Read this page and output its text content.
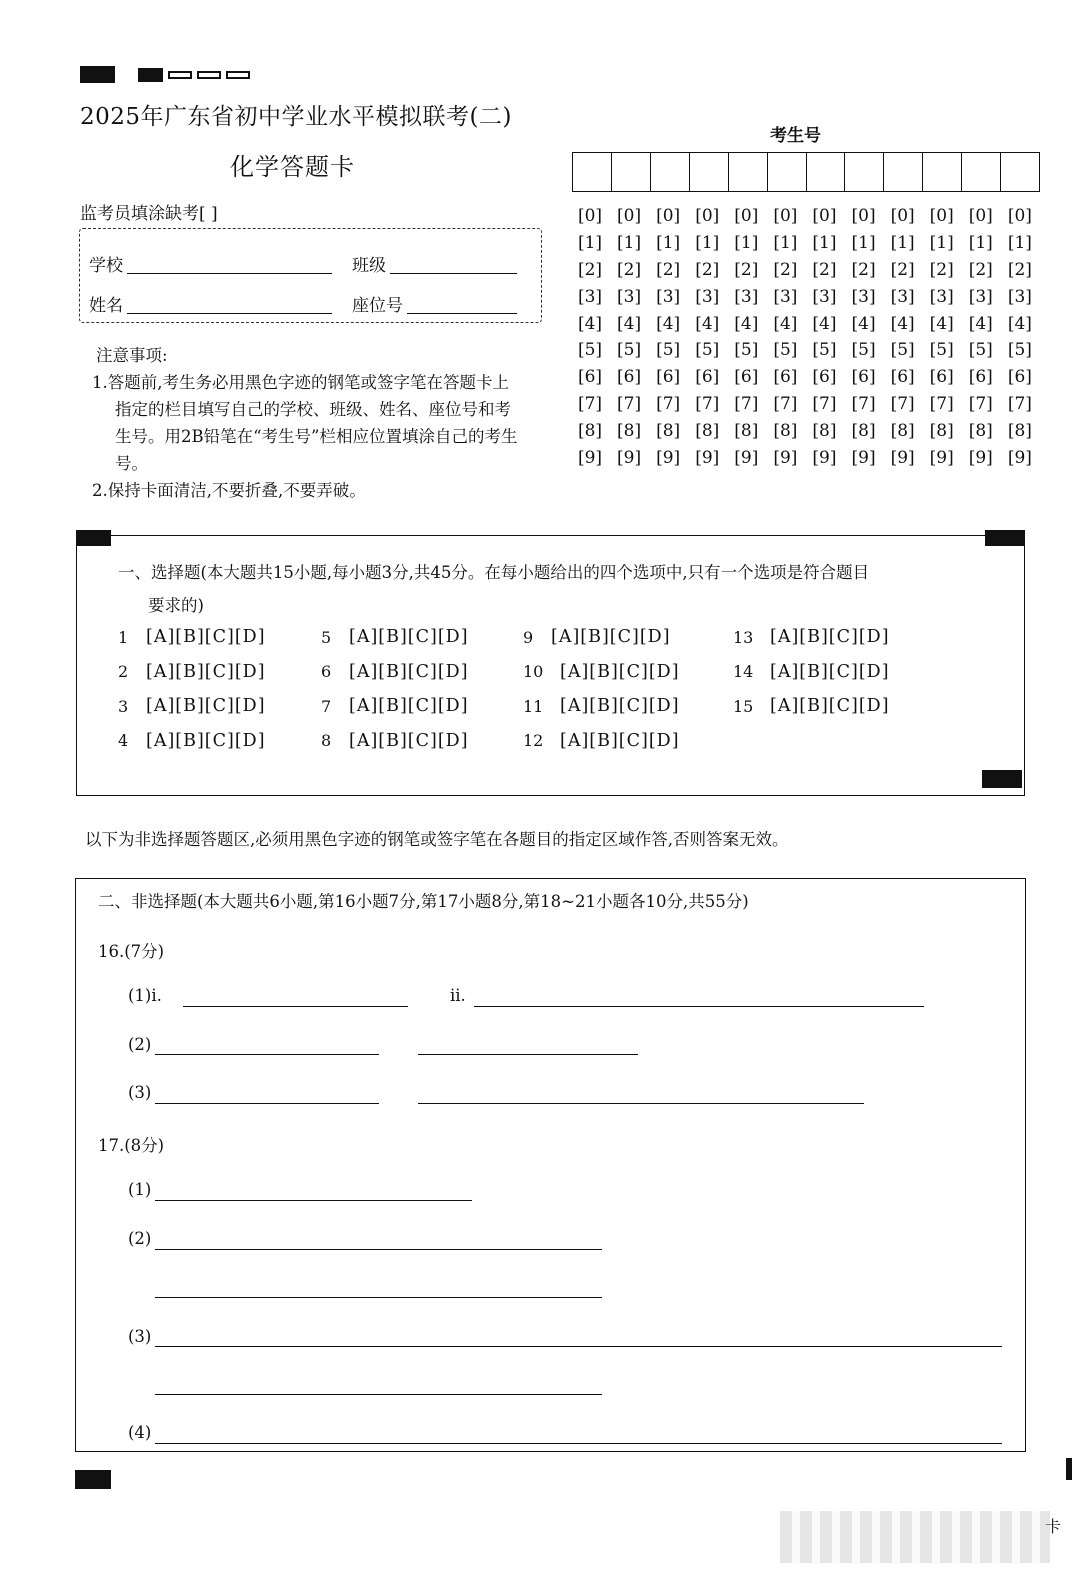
2025年广东省初中学业水平模拟联考(二)
化学答题卡
监考员填涂缺考[ ]
学校	班级
姓名	座位号
注意事项:
1.答题前,考生务必用黑色字迹的钢笔或签字笔在答题卡上指定的栏目填写自己的学校、班级、姓名、座位号和考生号。用2B铅笔在“考生号”栏相应位置填涂自己的考生号。
2.保持卡面清洁,不要折叠,不要弄破。
考生号
[0] [0] [0] [0] [0] [0] [0] [0] [0] [0] [0] [0]
[1] [1] [1] [1] [1] [1] [1] [1] [1] [1] [1] [1]
[2] [2] [2] [2] [2] [2] [2] [2] [2] [2] [2] [2]
[3] [3] [3] [3] [3] [3] [3] [3] [3] [3] [3] [3]
[4] [4] [4] [4] [4] [4] [4] [4] [4] [4] [4] [4]
[5] [5] [5] [5] [5] [5] [5] [5] [5] [5] [5] [5]
[6] [6] [6] [6] [6] [6] [6] [6] [6] [6] [6] [6]
[7] [7] [7] [7] [7] [7] [7] [7] [7] [7] [7] [7]
[8] [8] [8] [8] [8] [8] [8] [8] [8] [8] [8] [8]
[9] [9] [9] [9] [9] [9] [9] [9] [9] [9] [9] [9]
一、选择题(本大题共15小题,每小题3分,共45分。在每小题给出的四个选项中,只有一个选项是符合题目
要求的)
1	[A][B][C][D]
2	[A][B][C][D]
3	[A][B][C][D]
4	[A][B][C][D]
5	[A][B][C][D]
6	[A][B][C][D]
7	[A][B][C][D]
8	[A][B][C][D]
9	[A][B][C][D]
10 [A][B][C][D]
11 [A][B][C][D]
12 [A][B][C][D]
13 [A][B][C][D]
14 [A][B][C][D]
15 [A][B][C][D]
以下为非选择题答题区,必须用黑色字迹的钢笔或签字笔在各题目的指定区域作答,否则答案无效。
二、非选择题(本大题共6小题,第16小题7分,第17小题8分,第18~21小题各10分,共55分)
16.(7分)
(1)ⅰ.	ⅱ.
(2)
(3)
17.(8分)
(1)
(2)
(3)
(4)
卡
